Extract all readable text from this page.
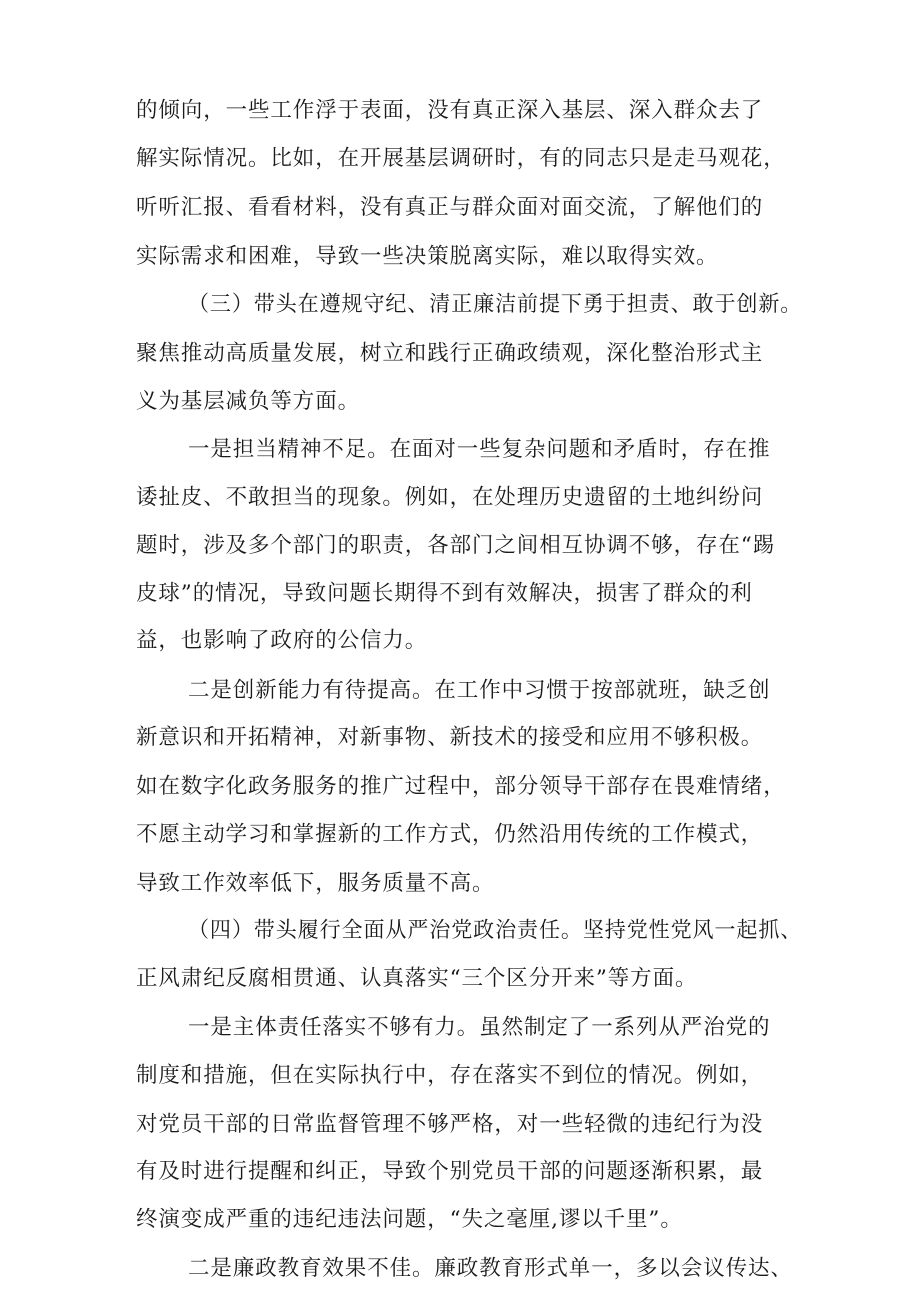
的倾向，一些工作浮于表面，没有真正深入基层、深入群众去了
解实际情况。比如，在开展基层调研时，有的同志只是走马观花，
听听汇报、看看材料，没有真正与群众面对面交流，了解他们的
实际需求和困难，导致一些决策脱离实际，难以取得实效。
（三）带头在遵规守纪、清正廉洁前提下勇于担责、敢于创新。
聚焦推动高质量发展，树立和践行正确政绩观，深化整治形式主
义为基层减负等方面。
一是担当精神不足。在面对一些复杂问题和矛盾时，存在推
诿扯皮、不敢担当的现象。例如，在处理历史遗留的土地纠纷问
题时，涉及多个部门的职责，各部门之间相互协调不够，存在“踢
皮球”的情况，导致问题长期得不到有效解决，损害了群众的利
益，也影响了政府的公信力。
二是创新能力有待提高。在工作中习惯于按部就班，缺乏创
新意识和开拓精神，对新事物、新技术的接受和应用不够积极。
如在数字化政务服务的推广过程中，部分领导干部存在畏难情绪，
不愿主动学习和掌握新的工作方式，仍然沿用传统的工作模式，
导致工作效率低下，服务质量不高。
（四）带头履行全面从严治党政治责任。坚持党性党风一起抓、
正风肃纪反腐相贯通、认真落实“三个区分开来”等方面。
一是主体责任落实不够有力。虽然制定了一系列从严治党的
制度和措施，但在实际执行中，存在落实不到位的情况。例如，
对党员干部的日常监督管理不够严格，对一些轻微的违纪行为没
有及时进行提醒和纠正，导致个别党员干部的问题逐渐积累，最
终演变成严重的违纪违法问题，“失之毫厘,谬以千里”。
二是廉政教育效果不佳。廉政教育形式单一，多以会议传达、
